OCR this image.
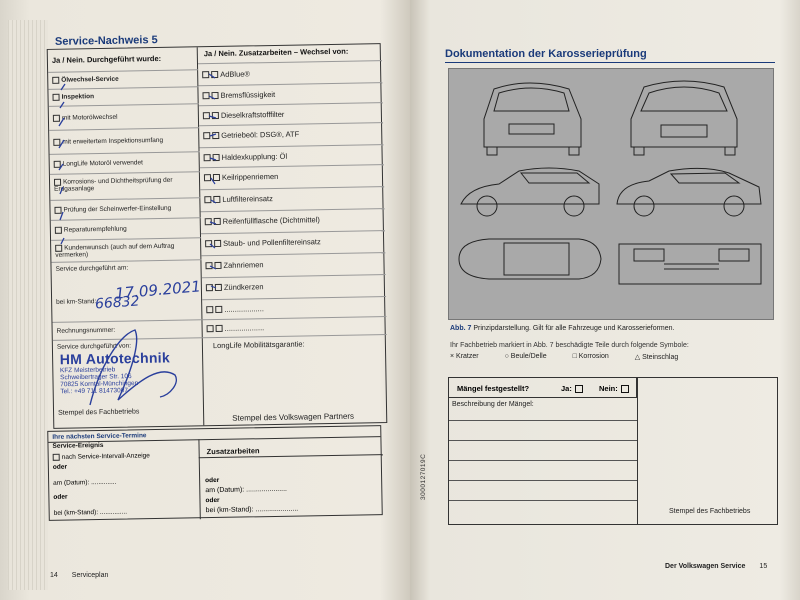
Service-Nachweis 5
Ja / Nein. Durchgeführt wurde:
Ja / Nein. Zusatzarbeiten – Wechsel von:
Ölwechsel-Service
Inspektion
mit Motorölwechsel
mit erweitertem Inspektionsumfang
LongLife Motoröl verwendet
Korrosions- und Dichtheitsprüfung der Erdgasanlage
Prüfung der Scheinwerfer-Einstellung
Reparaturempfehlung
Kundenwunsch (auch auf dem Auftrag vermerken)
Service durchgeführt am:
bei km-Stand:
Rechnungsnummer:
Service durchgeführt von:
AdBlue®
Bremsflüssigkeit
Dieselkraftstofffilter
Getriebeöl: DSG®, ATF
Haldexkupplung: Öl
Keilrippenriemen
Luftfiltereinsatz
Reifenfüllflasche (Dichtmittel)
Staub- und Pollenfiltereinsatz
Zahnriemen
Zündkerzen
...................
...................
LongLife Mobilitätsgarantie:
Stempel des Fachbetriebs	Stempel des Volkswagen Partners
17.09.2021
66832
HM Autotechnik
KFZ Meisterbetrieb
Schweibertrager Str. 106
70825 Korntal-Münchingen
Tel.: +49 711 81473007
Ihre nächsten Service-Termine
Service-Ereignis
Zusatzarbeiten
nach Service-Intervall-Anzeige
oder
am (Datum): ..............
oder
bei (km-Stand): ...............
oder
am (Datum): .....................
oder
bei (km-Stand): ......................
14 Serviceplan
Dokumentation der Karosserieprüfung
Abb. 7 Prinzipdarstellung. Gilt für alle Fahrzeuge und Karosserieformen.
Ihr Fachbetrieb markiert in Abb. 7 beschädigte Teile durch folgende Symbole:
× Kratzer	○ Beule/Delle	□ Korrosion	△ Steinschlag
Mängel festgestellt?	Ja:	Nein:
Beschreibung der Mängel:
Stempel des Fachbetriebs
3000127019C
Der Volkswagen Service 15
